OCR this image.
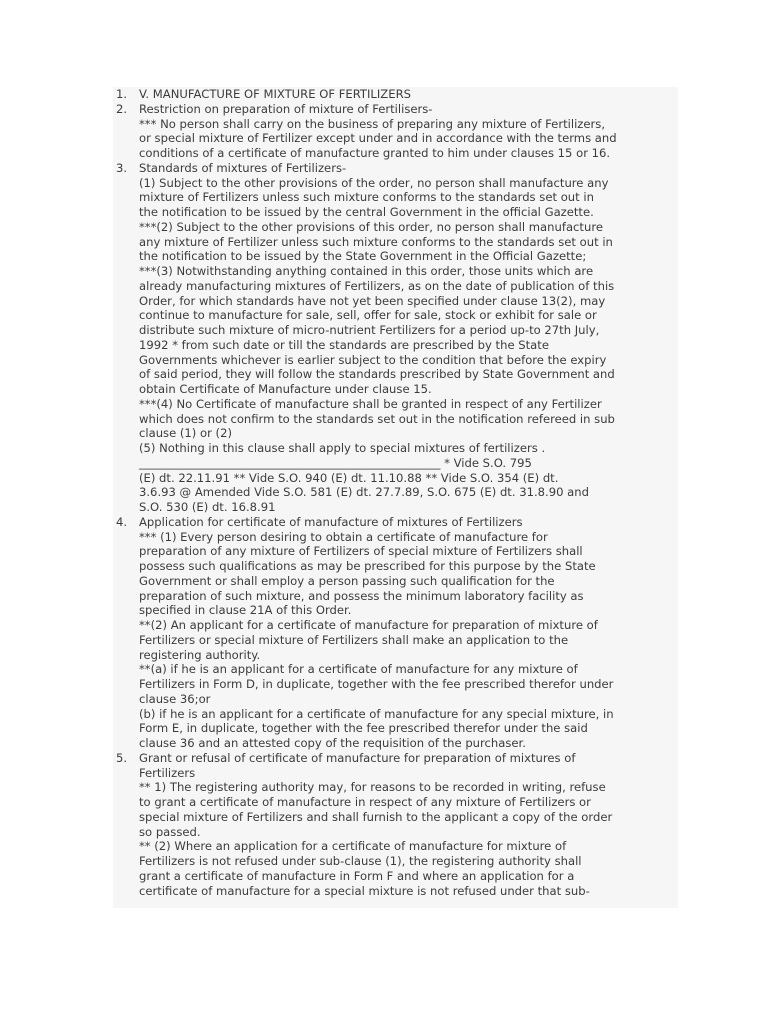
1. V. MANUFACTURE OF MIXTURE OF FERTILIZERS
2. Restriction on preparation of mixture of Fertilisers-
*** No person shall carry on the business of preparing any mixture of Fertilizers,
or special mixture of Fertilizer except under and in accordance with the terms and
conditions of a certificate of manufacture granted to him under clauses 15 or 16.
3. Standards of mixtures of Fertilizers-
(1) Subject to the other provisions of the order, no person shall manufacture any
mixture of Fertilizers unless such mixture conforms to the standards set out in
the notification to be issued by the central Government in the official Gazette.
***(2) Subject to the other provisions of this order, no person shall manufacture
any mixture of Fertilizer unless such mixture conforms to the standards set out in
the notification to be issued by the State Government in the Official Gazette;
***(3) Notwithstanding anything contained in this order, those units which are
already manufacturing mixtures of Fertilizers, as on the date of publication of this
Order, for which standards have not yet been specified under clause 13(2), may
continue to manufacture for sale, sell, offer for sale, stock or exhibit for sale or
distribute such mixture of micro-nutrient Fertilizers for a period up-to 27th July,
1992 * from such date or till the standards are prescribed by the State
Governments whichever is earlier subject to the condition that before the expiry
of said period, they will follow the standards prescribed by State Government and
obtain Certificate of Manufacture under clause 15.
***(4) No Certificate of manufacture shall be granted in respect of any Fertilizer
which does not confirm to the standards set out in the notification refereed in sub
clause (1) or (2)
(5) Nothing in this clause shall apply to special mixtures of fertilizers .
____________________________________________________ * Vide S.O. 795
(E) dt. 22.11.91 ** Vide S.O. 940 (E) dt. 11.10.88 ** Vide S.O. 354 (E) dt.
3.6.93 @ Amended Vide S.O. 581 (E) dt. 27.7.89, S.O. 675 (E) dt. 31.8.90 and
S.O. 530 (E) dt. 16.8.91
4. Application for certificate of manufacture of mixtures of Fertilizers
*** (1) Every person desiring to obtain a certificate of manufacture for
preparation of any mixture of Fertilizers of special mixture of Fertilizers shall
possess such qualifications as may be prescribed for this purpose by the State
Government or shall employ a person passing such qualification for the
preparation of such mixture, and possess the minimum laboratory facility as
specified in clause 21A of this Order.
**(2) An applicant for a certificate of manufacture for preparation of mixture of
Fertilizers or special mixture of Fertilizers shall make an application to the
registering authority.
**(a) if he is an applicant for a certificate of manufacture for any mixture of
Fertilizers in Form D, in duplicate, together with the fee prescribed therefor under
clause 36;or
(b) if he is an applicant for a certificate of manufacture for any special mixture, in
Form E, in duplicate, together with the fee prescribed therefor under the said
clause 36 and an attested copy of the requisition of the purchaser.
5. Grant or refusal of certificate of manufacture for preparation of mixtures of
Fertilizers
** 1) The registering authority may, for reasons to be recorded in writing, refuse
to grant a certificate of manufacture in respect of any mixture of Fertilizers or
special mixture of Fertilizers and shall furnish to the applicant a copy of the order
so passed.
** (2) Where an application for a certificate of manufacture for mixture of
Fertilizers is not refused under sub-clause (1), the registering authority shall
grant a certificate of manufacture in Form F and where an application for a
certificate of manufacture for a special mixture is not refused under that sub-
